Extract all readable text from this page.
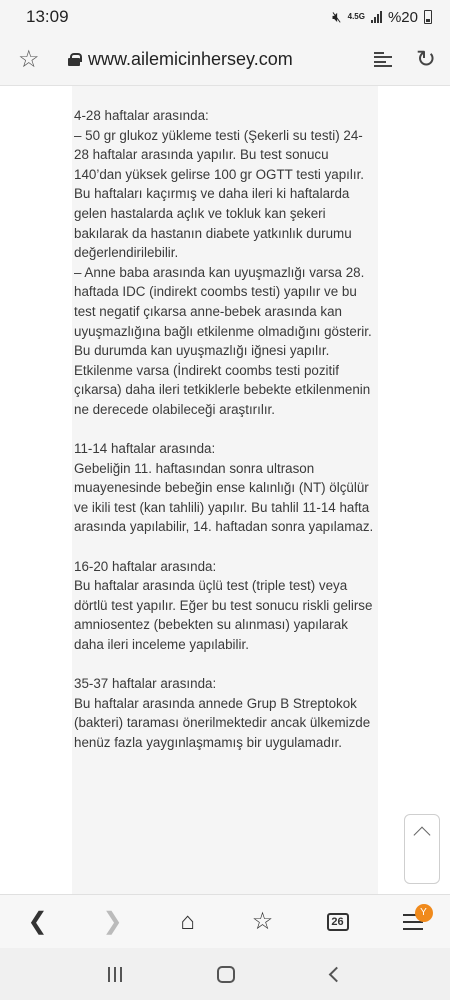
13:09	🔇︎ 4.5G %20
☆	www.ailemicinhersey.com	↻
4-28 haftalar arasında:
– 50 gr glukoz yükleme testi (Şekerli su testi) 24-28 haftalar arasında yapılır. Bu test sonucu 140’dan yüksek gelirse 100 gr OGTT testi yapılır. Bu haftaları kaçırmış ve daha ileri ki haftalarda gelen hastalarda açlık ve tokluk kan şekeri bakılarak da hastanın diabete yatkınlık durumu değerlendirilebilir.
– Anne baba arasında kan uyuşmazlığı varsa 28. haftada IDC (indirekt coombs testi) yapılır ve bu test negatif çıkarsa anne-bebek arasında kan uyuşmazlığına bağlı etkilenme olmadığını gösterir. Bu durumda kan uyuşmazlığı iğnesi yapılır. Etkilenme varsa (İndirekt coombs testi pozitif çıkarsa) daha ileri tetkiklerle bebekte etkilenmenin ne derecede olabileceği araştırılır.
11-14 haftalar arasında:
Gebeliğin 11. haftasından sonra ultrason muayenesinde bebeğin ense kalınlığı (NT) ölçülür ve ikili test (kan tahlili) yapılır. Bu tahlil 11-14 hafta arasında yapılabilir, 14. haftadan sonra yapılamaz.
16-20 haftalar arasında:
Bu haftalar arasında üçlü test (triple test) veya dörtlü test yapılır. Eğer bu test sonucu riskli gelirse amniosentez (bebekten su alınması) yapılarak daha ileri inceleme yapılabilir.
35-37 haftalar arasında:
Bu haftalar arasında annede Grup B Streptokok (bakteri) taraması önerilmektedir ancak ülkemizde henüz fazla yaygınlaşmamış bir uygulamadır.
❮	❯	⌂	☆	26
Y
